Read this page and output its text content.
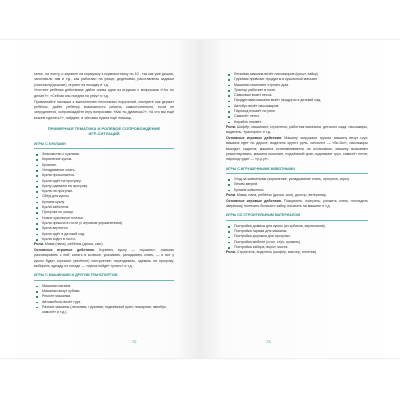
галке, на лопту, и заранее на кормушку к кормокоттанку по 10 ‑ так как уже дошли, заготовили там и т.д., как работают на улице; дедетками, расставлены задачки (спектаклу/дошлки), играют на посадку и т.д.

Угостите ребёнка действием: дайте снова одни из игрушек с вопросами «Что ты делал?»; «Сейчас мы поедем на реку» и т.д.

Привлекайте малыша к выполнению несложных поручений, смотрите как держит ребёнок, дайте ребёнку возможность решить самостоятельно, если он затрудняется, сопровождайте игру вопросами: «Как ты думаешь?», «А что мы ещё можем сделать?», найдите, в чём вам нужна ещё помощь.

ПРИМЕРНАЯ ТЕМАТИКА И РОЛЕВОЕ СОПРОВОЖДЕНИЕ ИГР‑СИТУАЦИЙ
ИГРЫ С КУКЛАМИ
Знакомство с куклами.
Кормление куклы.
Купание.
Укладывание спать.
Кукла просыпается.
Кукла идёт на прогулку.
Куклу одеваем на прогулку.
Кукла на прогулке.
Обед для куклы.
Купаем куклу.
Кукла заболела.
Прогулка по улице.
Новое кукольное платье.
Кукла пришла в гости (с игровым упражнением).
Кукла вертится.
Кукла идёт в детский сад.
Кукла ходит в гости.

Роли. Мама (папа), ребёнок (дочка, сын).

Основные игровые действия. Кормить куклу — «кушать», ласково разговаривать с ней; катать в коляске, укачивать, укладывать спать, — и вот у куклы будет хорошее (весёлое) настроение; переодевать, одевать на прогулку, выбирать одежду по погоде — «кукла пойдёт гулять» и т.д.

ИГРЫ С МАШИНАМИ И ДРУГИМ ТРАНСПОРТОМ
Машинки катаем.
Машинки везут кубики.
Ремонт машинки.
Автомобиль везёт груз.
Разные машины (легковая, грузовая, подъёмный кран, пожарная, автобус, самолёт и т.д.).
72
Легковая машина везёт пассажиров (кукол, зайку).
Грузовик привозит продукты в кукольный магазин.
Машинки помогают строить дом.
Трактор работает в поле.
Самосвал возит песок.
Продуктовая машина везёт продукты в детский сад.
Автобус везёт пассажиров.
Пароход плывёт по реке.
Самолёт летит.
Корабль плывёт.

Роли. Шофёр, машинист, строитель; работник магазина, детского сада, пассажиры, водитель, тракторист и т.д.

Основные игровые действия. Машину загружают грузом, машину везут груз; машина едет по дороге; водитель крутит руль, сигналит — «би‑би!»; пассажиры выходят, садятся; машина останавливается на остановках; машину вызывают ремонтировать, машина помогает, подъёмный кран поднимает груз, самолёт летит, пароход гудит — «у‑у‑у!».

ИГРЫ С ИГРУШЕЧНЫМИ ЖИВОТНЫМИ
Уход за животными (кормление, укладывание спать, прогулка, игры).
Лечим зверей.
Купаем животных.

Роли. Мама, папа, ребёнок (дочка, сын), доктор, ветеринар.

Основные игровые действия. Покормить, поиграть, уложить спать, погладить зверюшку, полечить больного зайку, покатать на машине и т.д.

ИГРЫ СО СТРОИТЕЛЬНЫМ МАТЕРИАЛОМ
Постройка домика для куклы (из кубиков, кирпичиков).
Постройка гаража для машины.
Постройка дорожки для прогулки.
Постройка мебели (стол, стул, кровать).
Постройка забора, ворот, моста.

Роли. Строитель, водитель (шофёр, мастер, плотник).

73
